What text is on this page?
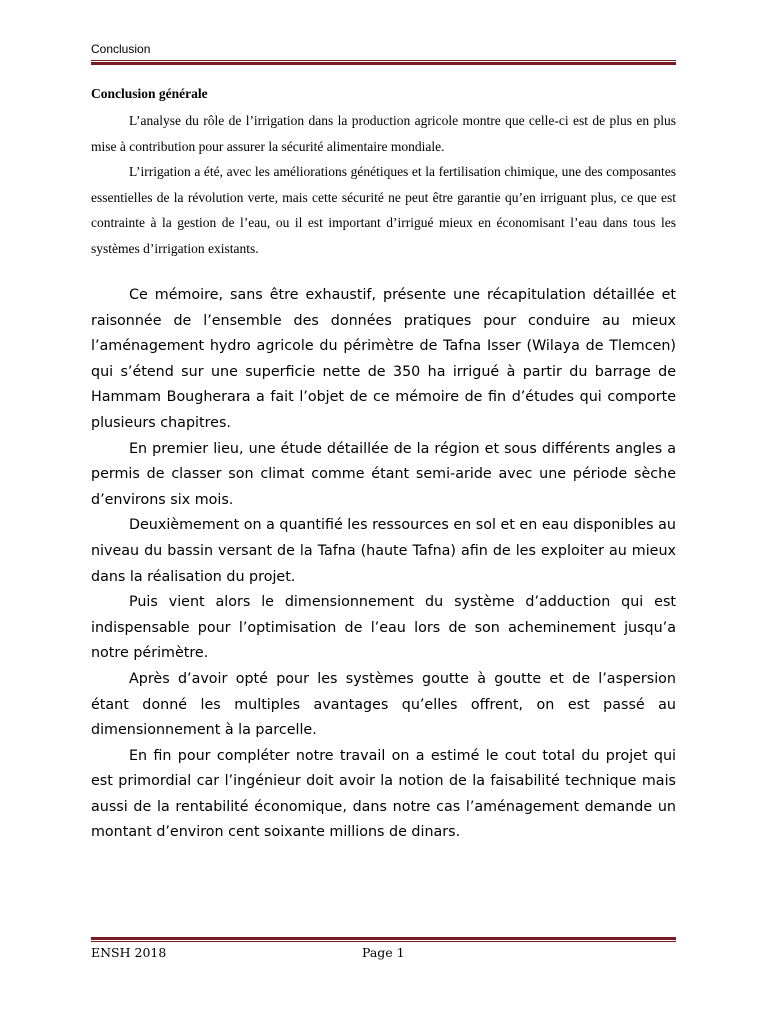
Conclusion
Conclusion générale

L’analyse du rôle de l’irrigation dans la production agricole montre que celle-ci est de plus en plus mise à contribution pour assurer la sécurité alimentaire mondiale.

L’irrigation a été, avec les améliorations génétiques et la fertilisation chimique, une des composantes essentielles de la révolution verte, mais cette sécurité ne peut être garantie qu’en irriguant plus, ce que est contrainte à la gestion de l’eau, ou il est important d’irrigué mieux en économisant l’eau dans tous les systèmes d’irrigation existants.

Ce mémoire, sans être exhaustif, présente une récapitulation détaillée et raisonnée de l’ensemble des données pratiques pour conduire au mieux l’aménagement hydro agricole du périmètre de Tafna Isser (Wilaya de Tlemcen) qui s’étend sur une superficie nette de 350 ha irrigué à partir du barrage de Hammam Bougherara a fait l’objet de ce mémoire de fin d’études qui comporte plusieurs chapitres.

En premier lieu, une étude détaillée de la région et sous différents angles a permis de classer son climat comme étant semi-aride avec une période sèche d’environs six mois.

Deuxièmement on a quantifié les ressources en sol et en eau disponibles au niveau du bassin versant de la Tafna (haute Tafna) afin de les exploiter au mieux dans la réalisation du projet.

Puis vient alors le dimensionnement du système d’adduction qui est indispensable pour l’optimisation de l’eau lors de son acheminement jusqu’a notre périmètre.

Après d’avoir opté pour les systèmes goutte à goutte et de l’aspersion étant donné les multiples avantages qu’elles offrent, on est passé au dimensionnement à la parcelle.

En fin pour compléter notre travail on a estimé le cout total du projet qui est primordial car l’ingénieur doit avoir la notion de la faisabilité technique mais aussi de la rentabilité économique, dans notre cas l’aménagement demande un montant d’environ cent soixante millions de dinars.

ENSH 2018	Page 1
